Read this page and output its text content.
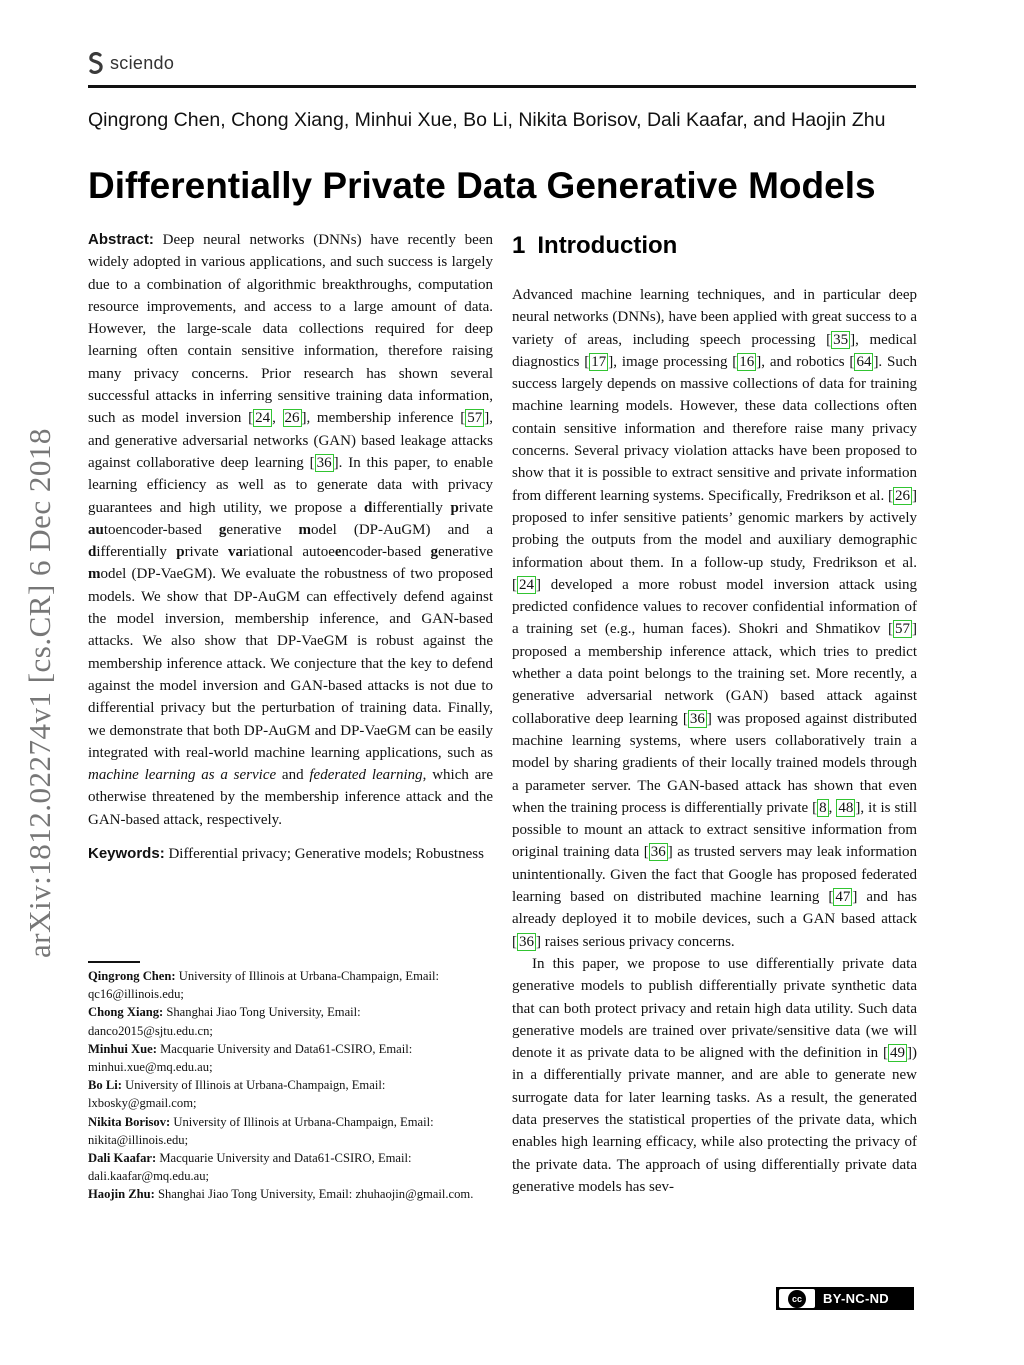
sciendo
Qingrong Chen, Chong Xiang, Minhui Xue, Bo Li, Nikita Borisov, Dali Kaafar, and Haojin Zhu
Differentially Private Data Generative Models
arXiv:1812.02274v1 [cs.CR] 6 Dec 2018

Abstract: Deep neural networks (DNNs) have recently been widely adopted in various applications, and such success is largely due to a combination of algorithmic breakthroughs, computation resource improvements, and access to a large amount of data. However, the large-scale data collections required for deep learning often contain sensitive information, therefore raising many privacy concerns. Prior research has shown several successful attacks in inferring sensitive training data information, such as model inversion [ 24 , 26 ], membership inference [ 57 ], and generative adversarial networks (GAN) based leakage attacks against collaborative deep learning [ 36 ]. In this paper, to enable learning efficiency as well as to generate data with privacy guarantees and high utility, we propose a differentially private autoencoder-based generative model (DP-AuGM) and a differentially private variational autoeencoder-based generative model (DP-VaeGM). We evaluate the robustness of two proposed models. We show that DP-AuGM can effectively defend against the model inversion, membership inference, and GAN-based attacks. We also show that DP-VaeGM is robust against the membership inference attack. We conjecture that the key to defend against the model inversion and GAN-based attacks is not due to differential privacy but the perturbation of training data. Finally, we demonstrate that both DP-AuGM and DP-VaeGM can be easily integrated with real-world machine learning applications, such as machine learning as a service and federated learning, which are otherwise threatened by the membership inference attack and the GAN-based attack, respectively.

Keywords: Differential privacy; Generative models; Robustness

Qingrong Chen: University of Illinois at Urbana-Champaign, Email: qc16@illinois.edu;

Chong Xiang: Shanghai Jiao Tong University, Email: danco2015@sjtu.edu.cn;

Minhui Xue: Macquarie University and Data61-CSIRO, Email: minhui.xue@mq.edu.au;

Bo Li: University of Illinois at Urbana-Champaign, Email: lxbosky@gmail.com;

Nikita Borisov: University of Illinois at Urbana-Champaign, Email: nikita@illinois.edu;

Dali Kaafar: Macquarie University and Data61-CSIRO, Email: dali.kaafar@mq.edu.au;

Haojin Zhu: Shanghai Jiao Tong University, Email: zhuhaojin@gmail.com.

1 Introduction

Advanced machine learning techniques, and in particular deep neural networks (DNNs), have been applied with great success to a variety of areas, including speech processing [ 35 ], medical diagnostics [ 17 ], image processing [ 16 ], and robotics [ 64 ]. Such success largely depends on massive collections of data for training machine learning models. However, these data collections often contain sensitive information and therefore raise many privacy concerns. Several privacy violation attacks have been proposed to show that it is possible to extract sensitive and private information from different learning systems. Specifically, Fredrikson et al. [ 26 ] proposed to infer sensitive patients’ genomic markers by actively probing the outputs from the model and auxiliary demographic information about them. In a follow-up study, Fredrikson et al. [ 24 ] developed a more robust model inversion attack using predicted confidence values to recover confidential information of a training set (e.g., human faces). Shokri and Shmatikov [ 57 ] proposed a membership inference attack, which tries to predict whether a data point belongs to the training set. More recently, a generative adversarial network (GAN) based attack against collaborative deep learning [ 36 ] was proposed against distributed machine learning systems, where users collaboratively train a model by sharing gradients of their locally trained models through a parameter server. The GAN-based attack has shown that even when the training process is differentially private [ 8 , 48 ], it is still possible to mount an attack to extract sensitive information from original training data [ 36 ] as trusted servers may leak information unintentionally. Given the fact that Google has proposed federated learning based on distributed machine learning [ 47 ] and has already deployed it to mobile devices, such a GAN based attack [ 36 ] raises serious privacy concerns.

In this paper, we propose to use differentially private data generative models to publish differentially private synthetic data that can both protect privacy and retain high data utility. Such data generative models are trained over private/sensitive data (we will denote it as private data to be aligned with the definition in [ 49 ]) in a differentially private manner, and are able to generate new surrogate data for later learning tasks. As a result, the generated data preserves the statistical properties of the private data, which enables high learning efficacy, while also protecting the privacy of the private data. The approach of using differentially private data generative models has sev-

cc	BY-NC-ND
